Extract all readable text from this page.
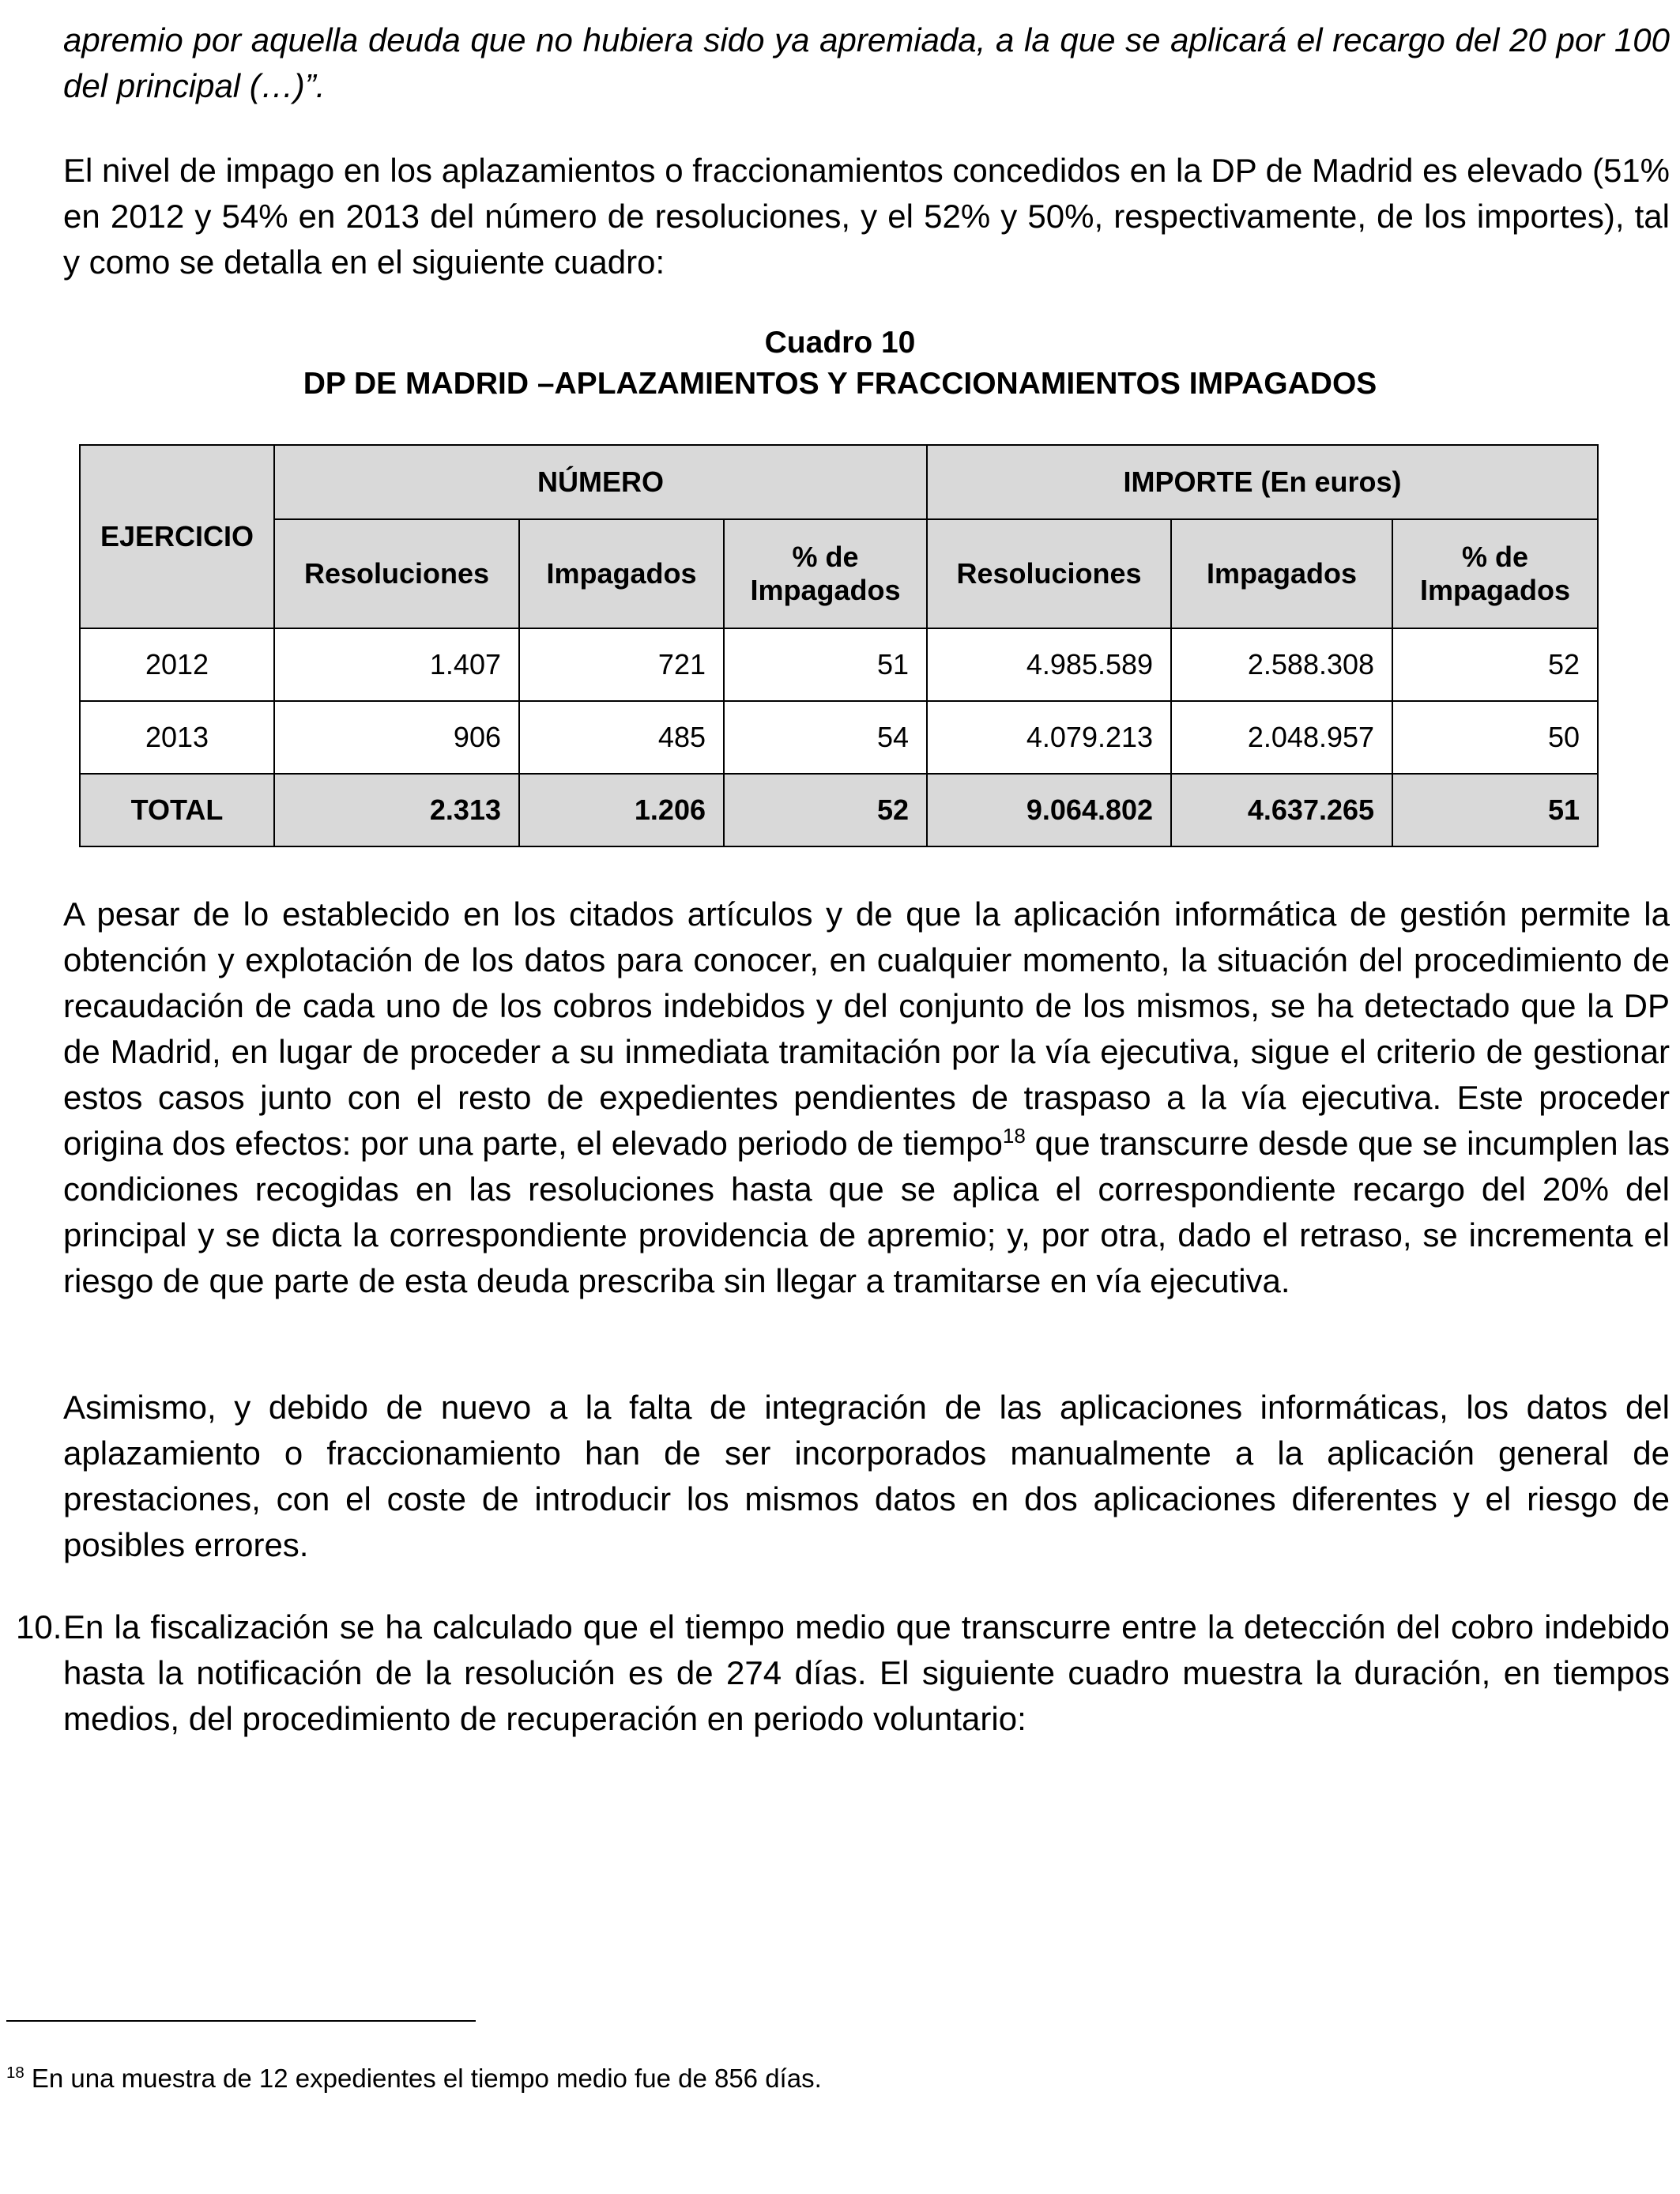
apremio por aquella deuda que no hubiera sido ya apremiada, a la que se aplicará el recargo del 20 por 100 del principal (…)”.

El nivel de impago en los aplazamientos o fraccionamientos concedidos en la DP de Madrid es elevado (51% en 2012 y 54% en 2013 del número de resoluciones, y el 52% y 50%, respectivamente, de los importes), tal y como se detalla en el siguiente cuadro:

Cuadro 10

DP DE MADRID –APLAZAMIENTOS Y FRACCIONAMIENTOS IMPAGADOS

EJERCICIO	NÚMERO			IMPORTE (En euros)		
	Resoluciones	Impagados	% de Impagados	Resoluciones	Impagados	% de Impagados
2012	1.407	721	51	4.985.589	2.588.308	52
2013	906	485	54	4.079.213	2.048.957	50
TOTAL	2.313	1.206	52	9.064.802	4.637.265	51

A pesar de lo establecido en los citados artículos y de que la aplicación informática de gestión permite la obtención y explotación de los datos para conocer, en cualquier momento, la situación del procedimiento de recaudación de cada uno de los cobros indebidos y del conjunto de los mismos, se ha detectado que la DP de Madrid, en lugar de proceder a su inmediata tramitación por la vía ejecutiva, sigue el criterio de gestionar estos casos junto con el resto de expedientes pendientes de traspaso a la vía ejecutiva. Este proceder origina dos efectos: por una parte, el elevado periodo de tiempo$^{18}$ que transcurre desde que se incumplen las condiciones recogidas en las resoluciones hasta que se aplica el correspondiente recargo del 20% del principal y se dicta la correspondiente providencia de apremio; y, por otra, dado el retraso, se incrementa el riesgo de que parte de esta deuda prescriba sin llegar a tramitarse en vía ejecutiva.

Asimismo, y debido de nuevo a la falta de integración de las aplicaciones informáticas, los datos del aplazamiento o fraccionamiento han de ser incorporados manualmente a la aplicación general de prestaciones, con el coste de introducir los mismos datos en dos aplicaciones diferentes y el riesgo de posibles errores.

10. En la fiscalización se ha calculado que el tiempo medio que transcurre entre la detección del cobro indebido hasta la notificación de la resolución es de 274 días. El siguiente cuadro muestra la duración, en tiempos medios, del procedimiento de recuperación en periodo voluntario:

$^{18}$ En una muestra de 12 expedientes el tiempo medio fue de 856 días.
